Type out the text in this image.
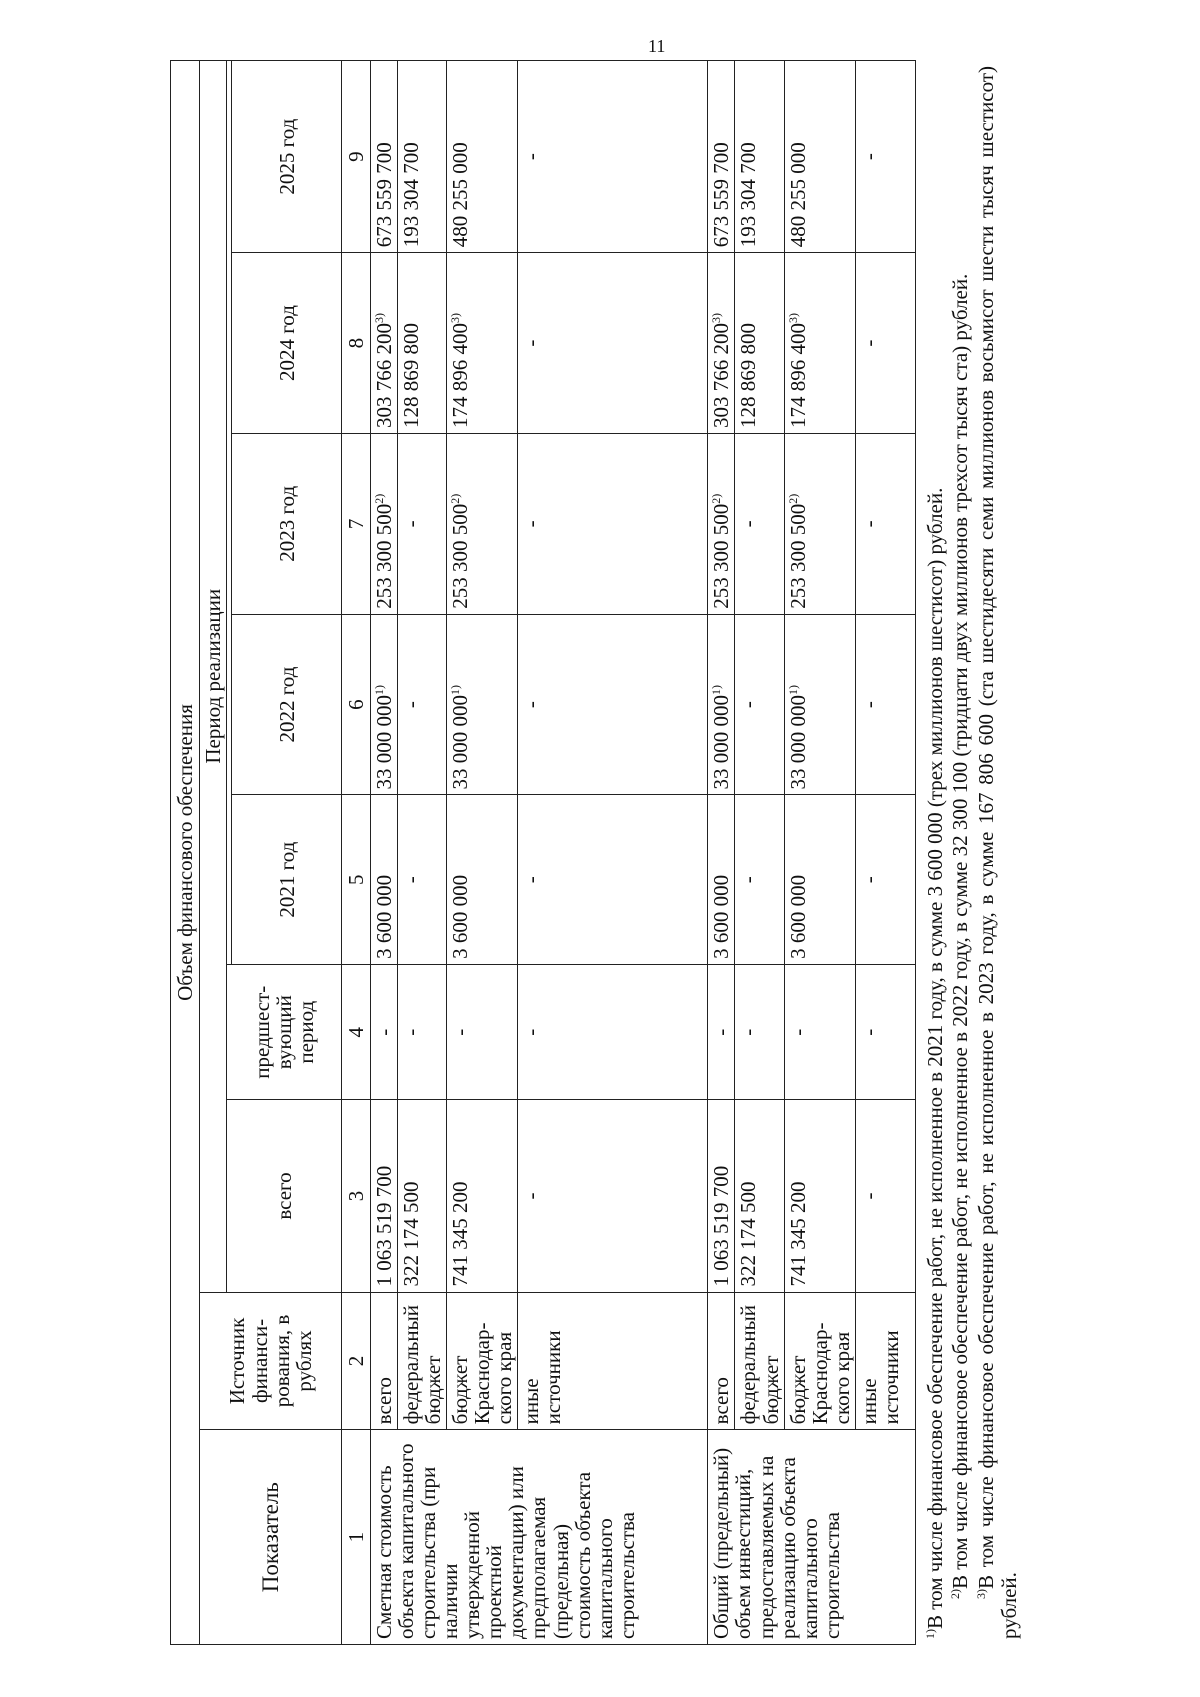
11
Объем финансового обеспечения								
Показатель	Источник финанси-рования, в рублях	Период реализации						
		всего	предшест-вующий период					
				2021 год	2022 год	2023 год	2024 год	2025 год
1	2	3	4	5	6	7	8	9
Сметная стоимость объекта капитального строительства (при наличии утвержденной проектной документации) или предполагаемая (предельная) стоимость объекта капитального строительства	всего	1 063 519 700	-	3 600 000	33 000 000$^{1)}$	253 300 500$^{2)}$	303 766 200$^{3)}$	673 559 700
	федеральный бюджет	322 174 500	-	-	-	-	128 869 800	193 304 700
	бюджет Краснодар-ского края	741 345 200	-	3 600 000	33 000 000$^{1)}$	253 300 500$^{2)}$	174 896 400$^{3)}$	480 255 000
	иные источники	-	-	-	-	-	-	-
Общий (предельный) объем инвестиций, предоставляемых на реализацию объекта капитального строительства	всего	1 063 519 700	-	3 600 000	33 000 000$^{1)}$	253 300 500$^{2)}$	303 766 200$^{3)}$	673 559 700
	федеральный бюджет	322 174 500	-	-	-	-	128 869 800	193 304 700
	бюджет Краснодар-ского края	741 345 200	-	3 600 000	33 000 000$^{1)}$	253 300 500$^{2)}$	174 896 400$^{3)}$	480 255 000
	иные источники	-	-	-	-	-	-	-

$^{1)}$В том числе финансовое обеспечение работ, не исполненное в 2021 году, в сумме 3 600 000 (трех миллионов шестисот) рублей. $^{2)}$В том числе финансовое обеспечение работ, не исполненное в 2022 году, в сумме 32 300 100 (тридцати двух миллионов трехсот тысяч ста) рублей.

$^{3)}$В том числе финансовое обеспечение работ, не исполненное в 2023 году, в сумме 167 806 600 (ста шестидесяти семи миллионов восьмисот шести тысяч шестисот) рублей.
